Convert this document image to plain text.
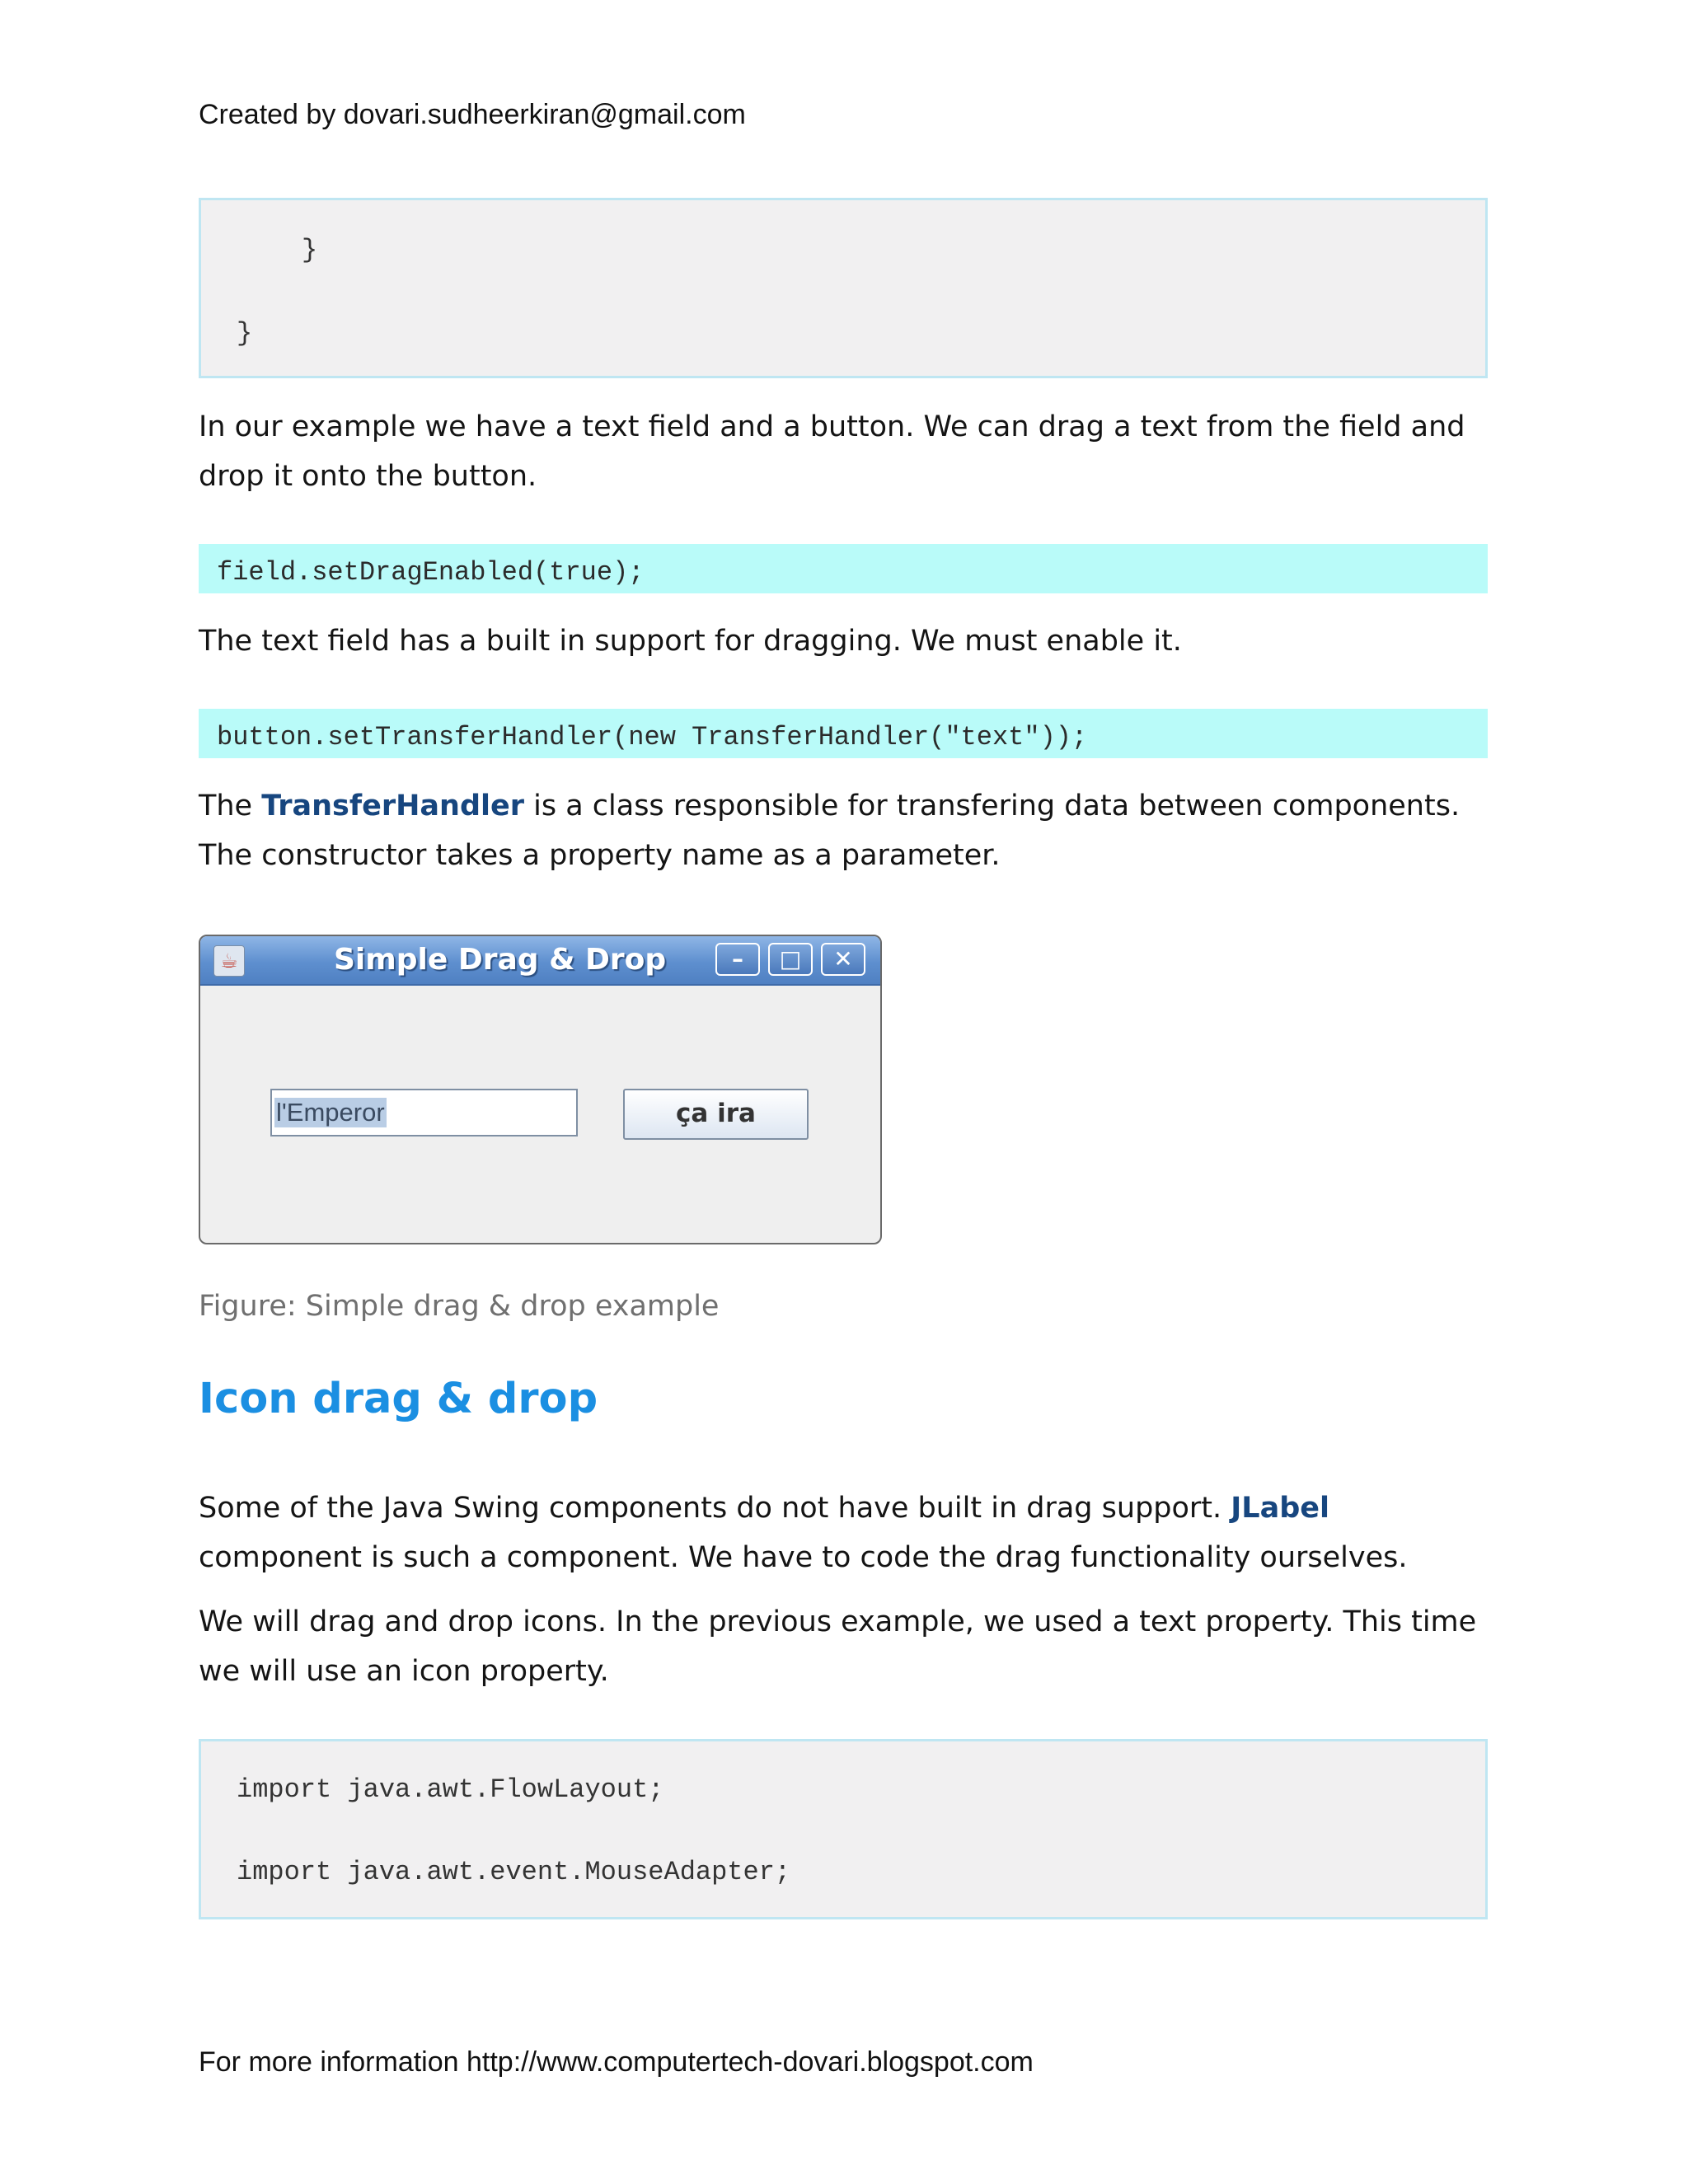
Created by dovari.sudheerkiran@gmail.com
}
}

In our example we have a text field and a button. We can drag a text from the field and drop it onto the button.

field.setDragEnabled(true);

The text field has a built in support for dragging. We must enable it.

button.setTransferHandler(new TransferHandler("text"));

The TransferHandler is a class responsible for transfering data between components. The constructor takes a property name as a parameter.

☕	Simple Drag & Drop	–	□	✕
l'Emperor	ça ira
Figure: Simple drag & drop example
Icon drag & drop

Some of the Java Swing components do not have built in drag support. JLabel component is such a component. We have to code the drag functionality ourselves.

We will drag and drop icons. In the previous example, we used a text property. This time we will use an icon property.

import java.awt.FlowLayout;
import java.awt.event.MouseAdapter;
For more information http://www.computertech-dovari.blogspot.com
